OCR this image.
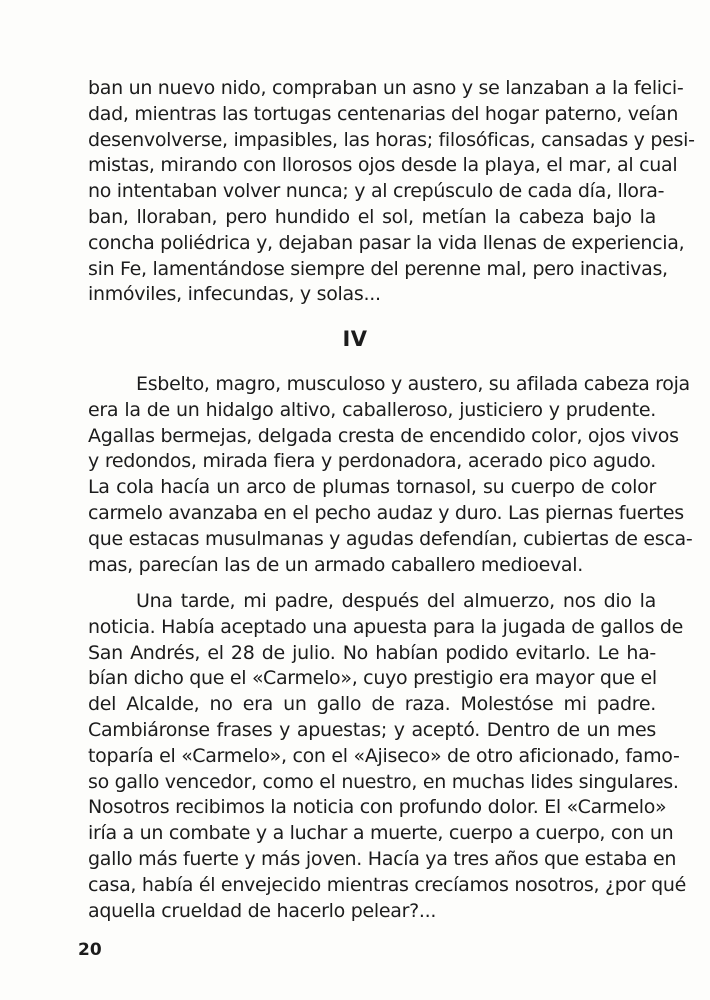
ban un nuevo nido, compraban un asno y se lanzaban a la felici-
dad, mientras las tortugas centenarias del hogar paterno, veían
desenvolverse, impasibles, las horas; filosóficas, cansadas y pesi-
mistas, mirando con llorosos ojos desde la playa, el mar, al cual
no intentaban volver nunca; y al crepúsculo de cada día, llora-
ban, lloraban, pero hundido el sol, metían la cabeza bajo la
concha poliédrica y, dejaban pasar la vida llenas de experiencia,
sin Fe, lamentándose siempre del perenne mal, pero inactivas,
inmóviles, infecundas, y solas...
IV
Esbelto, magro, musculoso y austero, su afilada cabeza roja
era la de un hidalgo altivo, caballeroso, justiciero y prudente.
Agallas bermejas, delgada cresta de encendido color, ojos vivos
y redondos, mirada fiera y perdonadora, acerado pico agudo.
La cola hacía un arco de plumas tornasol, su cuerpo de color
carmelo avanzaba en el pecho audaz y duro. Las piernas fuertes
que estacas musulmanas y agudas defendían, cubiertas de esca-
mas, parecían las de un armado caballero medioeval.
Una tarde, mi padre, después del almuerzo, nos dio la
noticia. Había aceptado una apuesta para la jugada de gallos de
San Andrés, el 28 de julio. No habían podido evitarlo. Le ha-
bían dicho que el «Carmelo», cuyo prestigio era mayor que el
del Alcalde, no era un gallo de raza. Molestóse mi padre.
Cambiáronse frases y apuestas; y aceptó. Dentro de un mes
toparía el «Carmelo», con el «Ajiseco» de otro aficionado, famo-
so gallo vencedor, como el nuestro, en muchas lides singulares.
Nosotros recibimos la noticia con profundo dolor. El «Carmelo»
iría a un combate y a luchar a muerte, cuerpo a cuerpo, con un
gallo más fuerte y más joven. Hacía ya tres años que estaba en
casa, había él envejecido mientras crecíamos nosotros, ¿por qué
aquella crueldad de hacerlo pelear?...
20
